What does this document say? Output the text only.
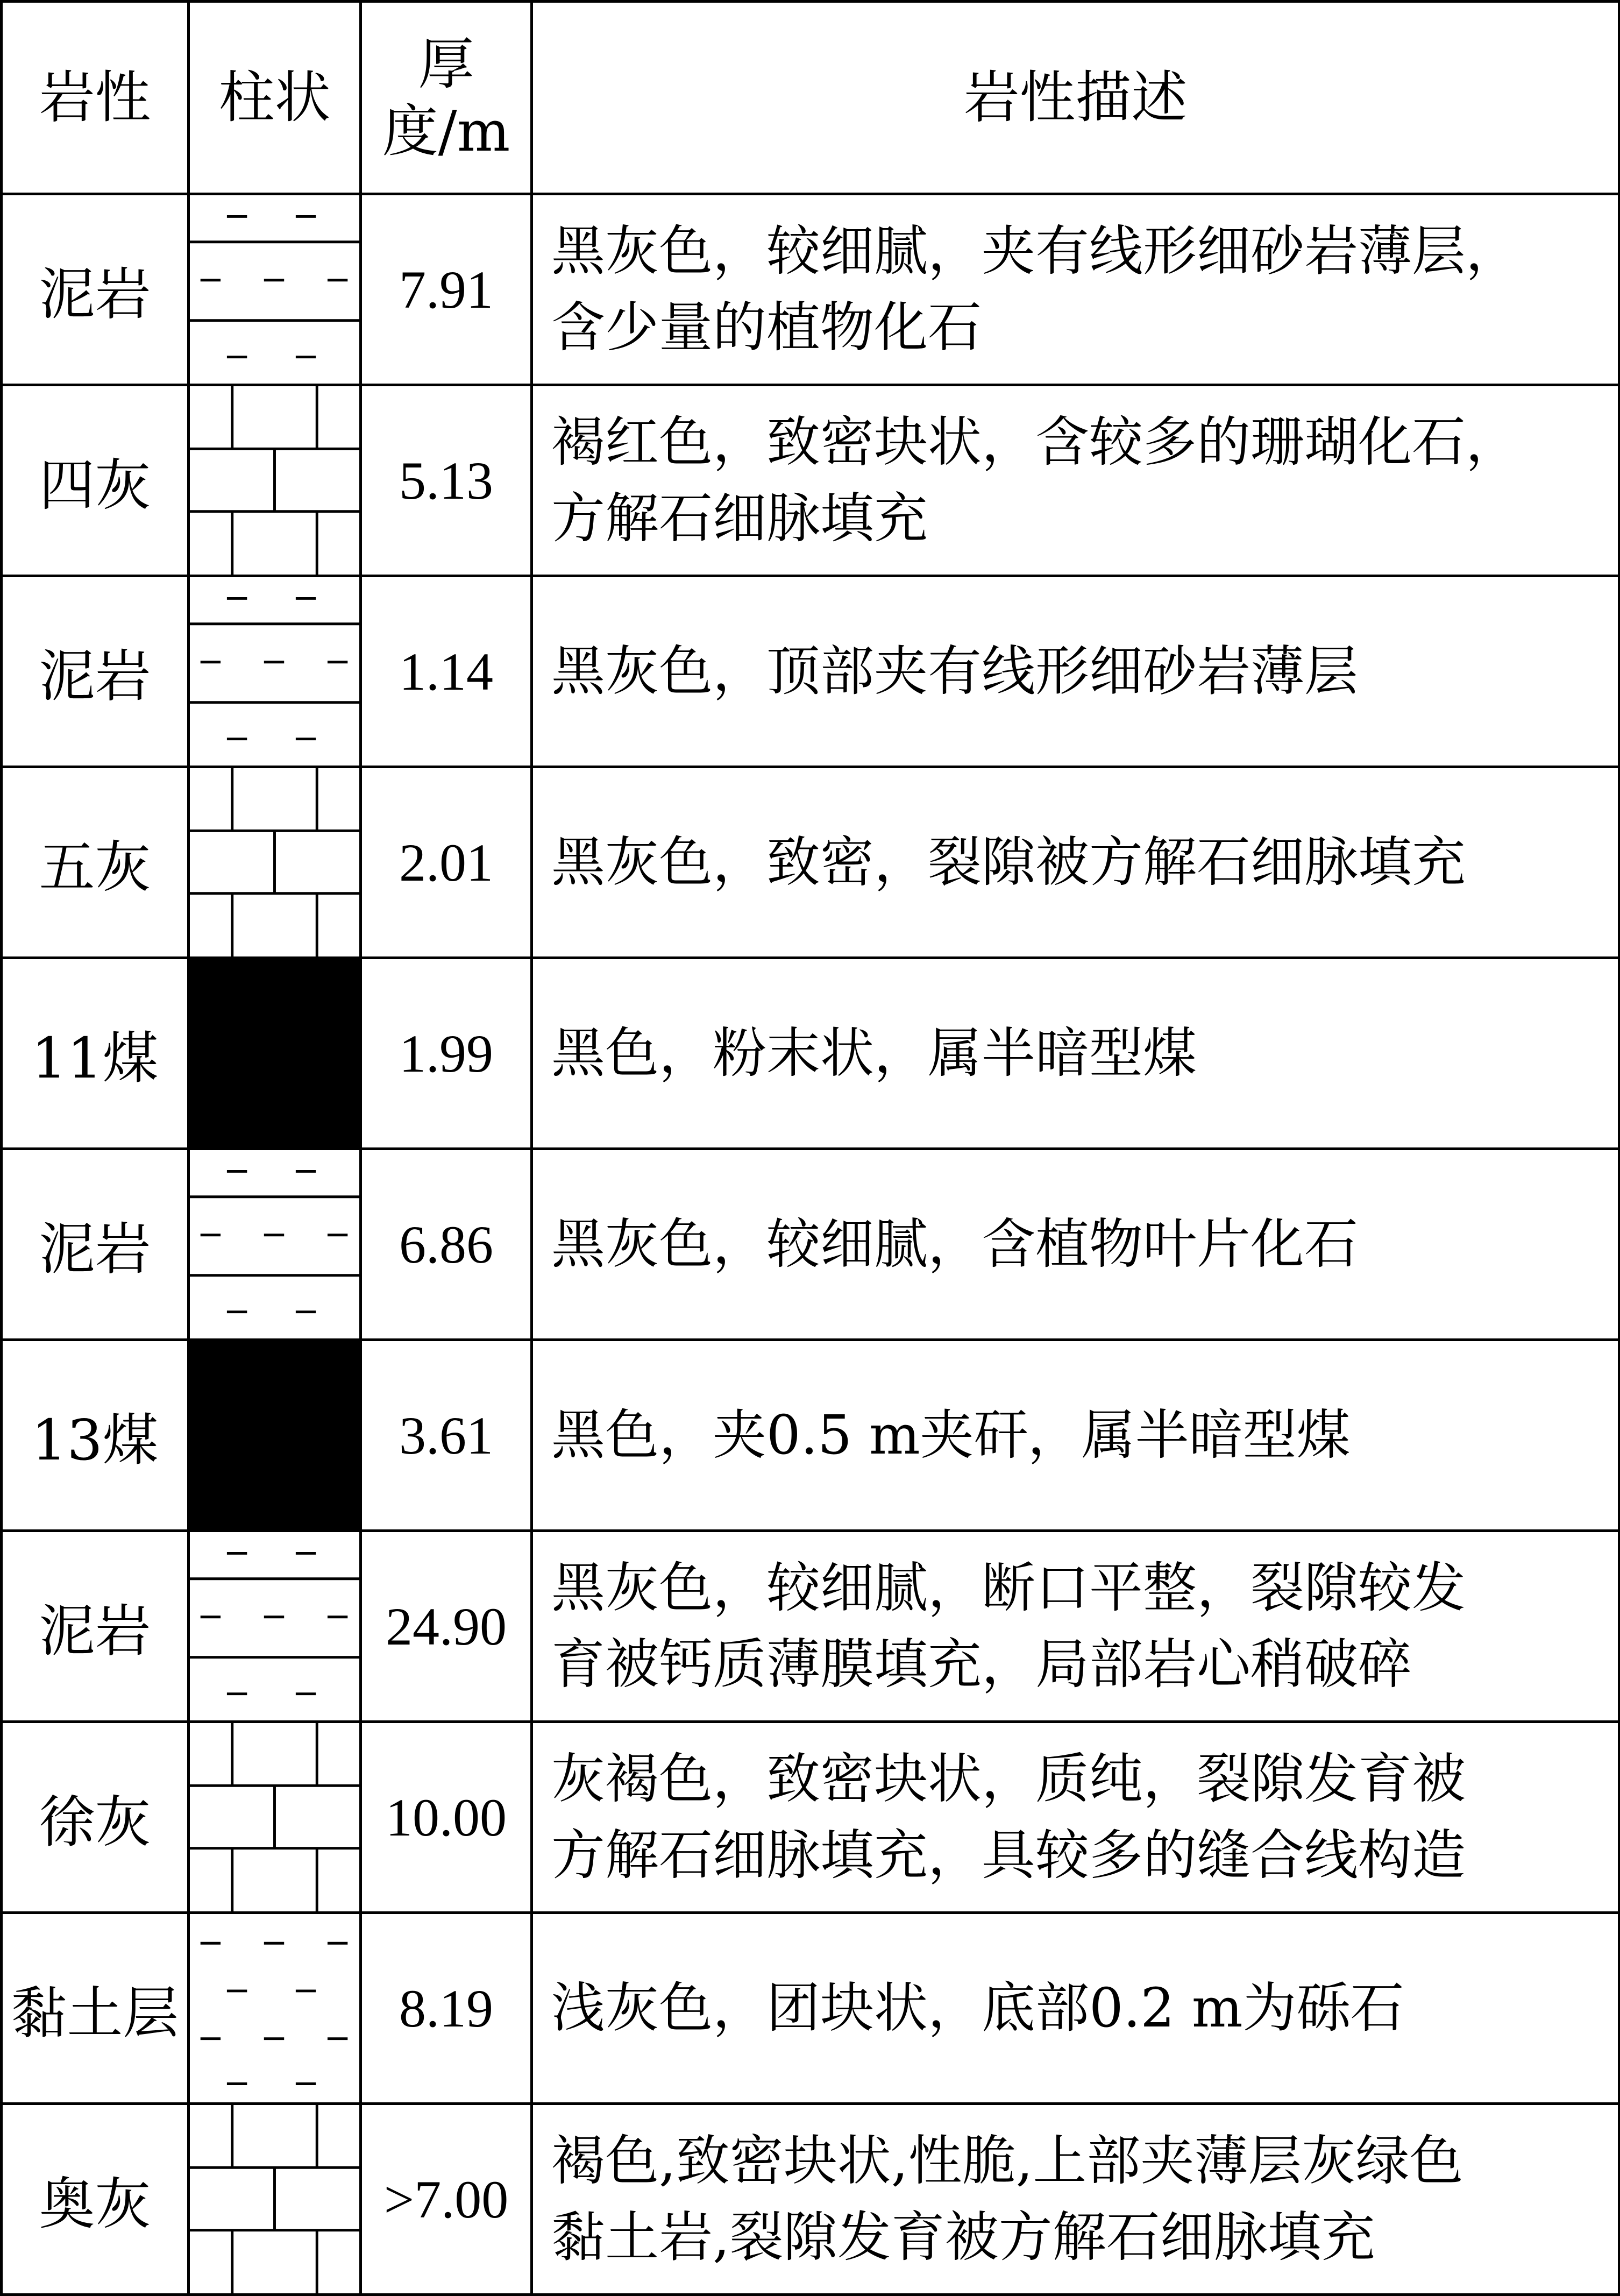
岩性	柱状	厚度/m	岩性描述
泥岩		7.91	黑灰色，较细腻，夹有线形细砂岩薄层，
含少量的植物化石

四灰		5.13	褐红色，致密块状，含较多的珊瑚化石，
方解石细脉填充

泥岩		1.14	黑灰色，顶部夹有线形细砂岩薄层

五灰		2.01	黑灰色，致密，裂隙被方解石细脉填充

11煤		1.99	黑色，粉末状，属半暗型煤

泥岩		6.86	黑灰色，较细腻，含植物叶片化石

13煤		3.61	黑色，夹0.5 m夹矸，属半暗型煤

泥岩		24.90	黑灰色，较细腻，断口平整，裂隙较发
育被钙质薄膜填充，局部岩心稍破碎

徐灰		10.00	灰褐色，致密块状，质纯，裂隙发育被
方解石细脉填充，具较多的缝合线构造

黏土层		8.19	浅灰色，团块状，底部0.2 m为砾石

奥灰		>7.00	褐色,致密块状,性脆,上部夹薄层灰绿色
黏土岩,裂隙发育被方解石细脉填充
